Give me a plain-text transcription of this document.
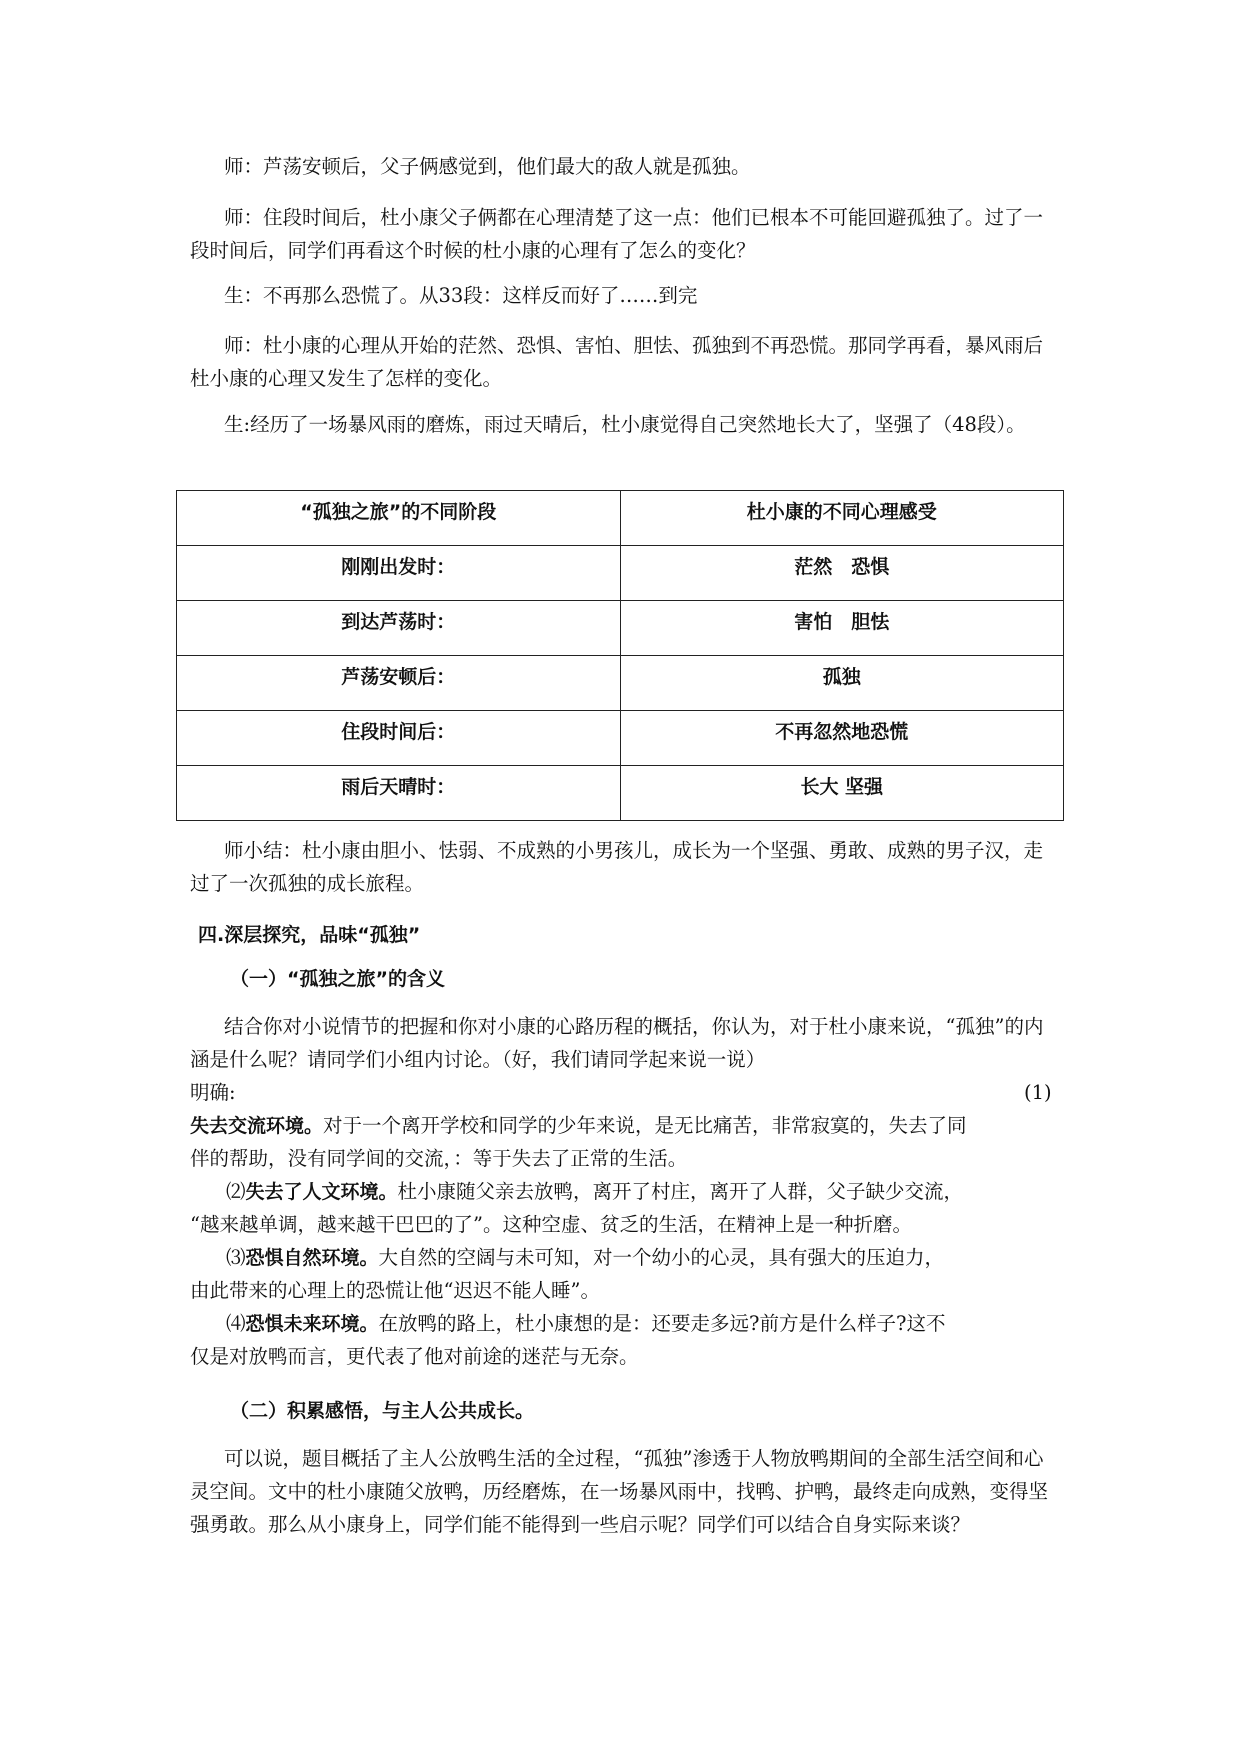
师：芦荡安顿后，父子俩感觉到，他们最大的敌人就是孤独。

师：住段时间后，杜小康父子俩都在心理清楚了这一点：他们已根本不可能回避孤独了。过了一段时间后，同学们再看这个时候的杜小康的心理有了怎么的变化？

生：不再那么恐慌了。从33段：这样反而好了……到完

师：杜小康的心理从开始的茫然、恐惧、害怕、胆怯、孤独到不再恐慌。那同学再看，暴风雨后杜小康的心理又发生了怎样的变化。

生:经历了一场暴风雨的磨炼，雨过天晴后，杜小康觉得自己突然地长大了，坚强了（48段）。

“孤独之旅”的不同阶段	杜小康的不同心理感受
刚刚出发时：	茫然　恐惧
到达芦荡时：	害怕　胆怯
芦荡安顿后：	孤独
住段时间后：	不再忽然地恐慌
雨后天晴时：	长大 坚强

师小结：杜小康由胆小、怯弱、不成熟的小男孩儿，成长为一个坚强、勇敢、成熟的男子汉，走过了一次孤独的成长旅程。

四.深层探究，品味“孤独”

（一）“孤独之旅”的含义

结合你对小说情节的把握和你对小康的心路历程的概括，你认为，对于杜小康来说，“孤独”的内涵是什么呢？请同学们小组内讨论。（好，我们请同学起来说一说）

明确:	(1)

失去交流环境。对于一个离开学校和同学的少年来说，是无比痛苦，非常寂寞的，失去了同

伴的帮助，没有同学间的交流，：等于失去了正常的生活。

⑵失去了人文环境。杜小康随父亲去放鸭，离开了村庄，离开了人群，父子缺少交流，

“越来越单调，越来越干巴巴的了”。这种空虚、贫乏的生活，在精神上是一种折磨。

⑶恐惧自然环境。大自然的空阔与未可知，对一个幼小的心灵，具有强大的压迫力，

由此带来的心理上的恐慌让他“迟迟不能人睡”。

⑷恐惧未来环境。在放鸭的路上，杜小康想的是：还要走多远?前方是什么样子?这不

仅是对放鸭而言，更代表了他对前途的迷茫与无奈。

（二）积累感悟，与主人公共成长。

可以说，题目概括了主人公放鸭生活的全过程，“孤独”渗透于人物放鸭期间的全部生活空间和心灵空间。文中的杜小康随父放鸭，历经磨炼，在一场暴风雨中，找鸭、护鸭，最终走向成熟，变得坚强勇敢。那么从小康身上，同学们能不能得到一些启示呢？同学们可以结合自身实际来谈？
